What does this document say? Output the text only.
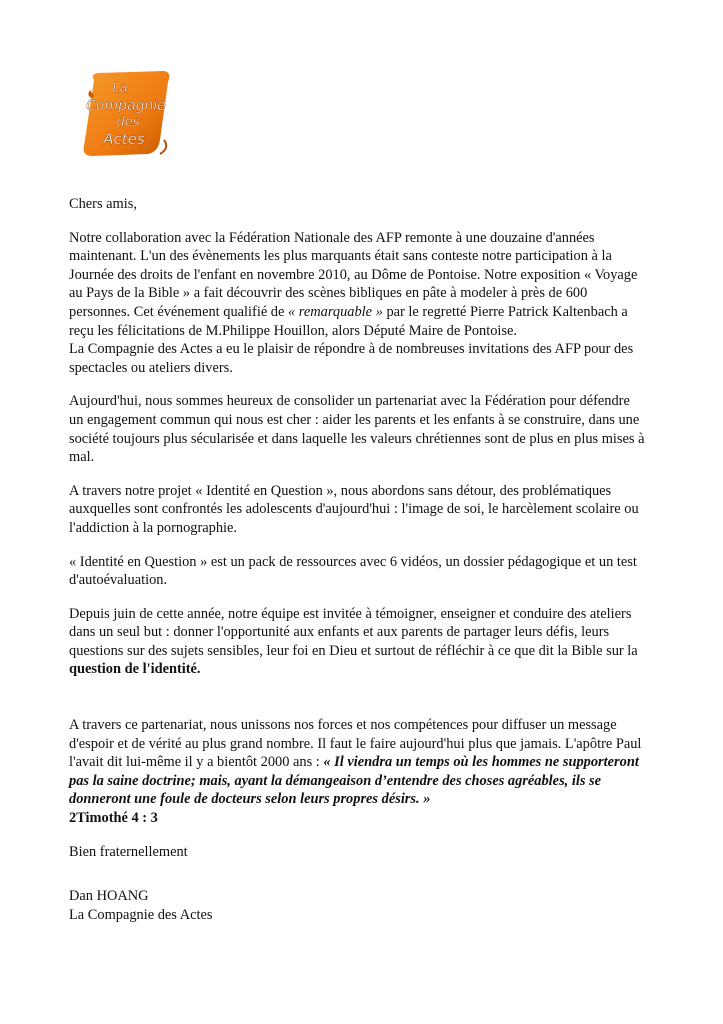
La
Compagnie
des
Actes

Chers amis,

Notre collaboration avec la Fédération Nationale des AFP remonte à une douzaine d'années
maintenant. L'un des évènements les plus marquants était sans conteste notre participation à la
Journée des droits de l'enfant en novembre 2010, au Dôme de Pontoise. Notre exposition « Voyage
au Pays de la Bible » a fait découvrir des scènes bibliques en pâte à modeler à près de 600
personnes. Cet événement qualifié de « remarquable » par le regretté Pierre Patrick Kaltenbach a
reçu les félicitations de M.Philippe Houillon, alors Député Maire de Pontoise.
La Compagnie des Actes a eu le plaisir de répondre à de nombreuses invitations des AFP pour des
spectacles ou ateliers divers.

Aujourd'hui, nous sommes heureux de consolider un partenariat avec la Fédération pour défendre
un engagement commun qui nous est cher : aider les parents et les enfants à se construire, dans une
société toujours plus sécularisée et dans laquelle les valeurs chrétiennes sont de plus en plus mises à
mal.

A travers notre projet « Identité en Question », nous abordons sans détour, des problématiques
auxquelles sont confrontés les adolescents d'aujourd'hui : l'image de soi, le harcèlement scolaire ou
l'addiction à la pornographie.

« Identité en Question » est un pack de ressources avec 6 vidéos, un dossier pédagogique et un test
d'autoévaluation.

Depuis juin de cette année, notre équipe est invitée à témoigner, enseigner et conduire des ateliers
dans un seul but : donner l'opportunité aux enfants et aux parents de partager leurs défis, leurs
questions sur des sujets sensibles, leur foi en Dieu et surtout de réfléchir à ce que dit la Bible sur la
question de l'identité.

A travers ce partenariat, nous unissons nos forces et nos compétences pour diffuser un message
d'espoir et de vérité au plus grand nombre. Il faut le faire aujourd'hui plus que jamais. L'apôtre Paul
l'avait dit lui-même il y a bientôt 2000 ans : « Il viendra un temps où les hommes ne supporteront
pas la saine doctrine; mais, ayant la démangeaison d’entendre des choses agréables, ils se
donneront une foule de docteurs selon leurs propres désirs. »
2Timothé 4 : 3

Bien fraternellement

Dan HOANG
La Compagnie des Actes
